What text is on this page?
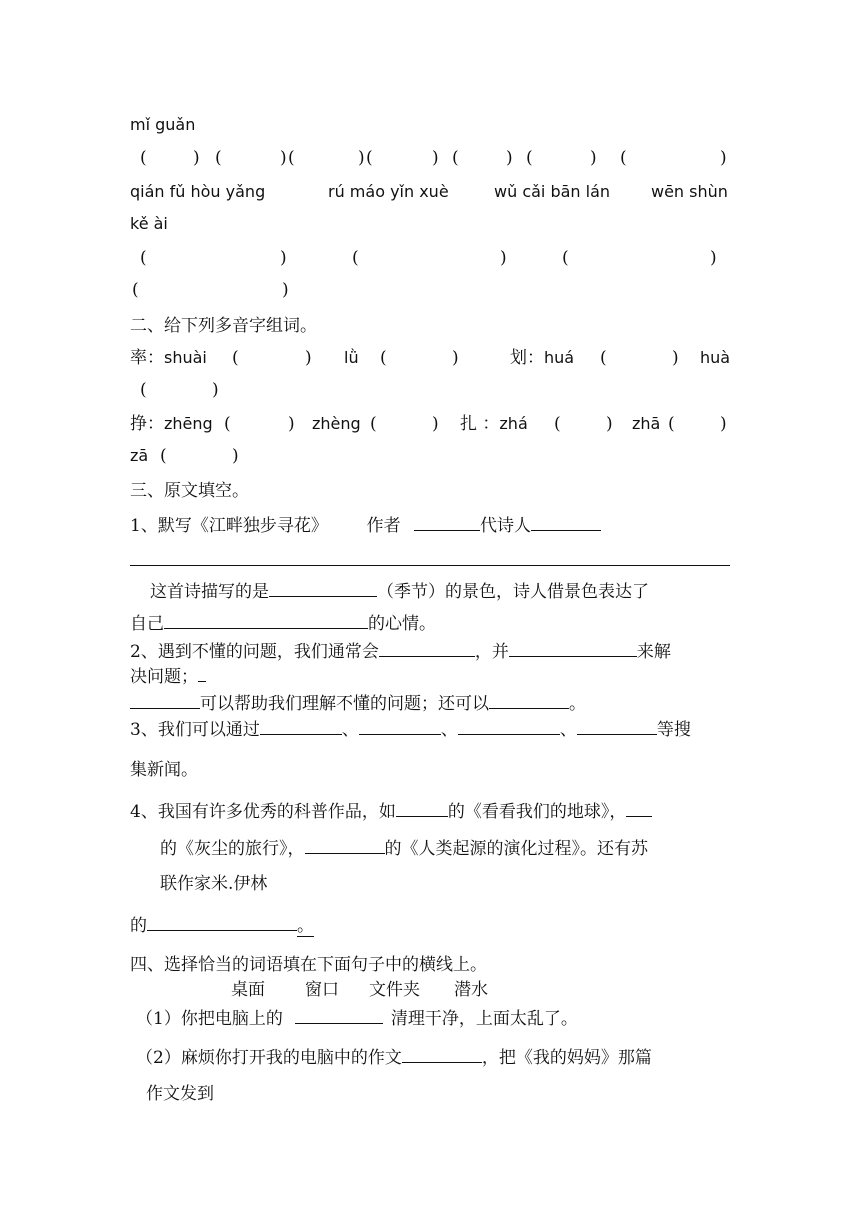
mǐ guǎn
(	) (	) (	) (	) (	) (	) (	)
qián fǔ hòu yǎng	rú máo yǐn xuè	wǔ cǎi bān lán	wēn shùn
kě ài
(	)	(	)	(	)
(	)
二、给下列多音字组词。
率：shuài (	) lǜ (	)	划：huá (	) huà
(	)
挣：zhēng (	) zhèng (	) 扎 ：zhá (	) zhā (	)
zā (	)
三、原文填空。
1、默写《江畔独步寻花》 作者	代诗人
这首诗描写的是	（季节）的景色，诗人借景色表达了
自己	的心情。
2、遇到不懂的问题，我们通常会	，并	来解
决问题；
可以帮助我们理解不懂的问题；还可以	。
3、我们可以通过	、	、	、	等搜
集新闻。
4、我国有许多优秀的科普作品，如	的《看看我们的地球》，
的《灰尘的旅行》，	的《人类起源的演化过程》。还有苏
联作家米.伊林
的	。
四、选择恰当的词语填在下面句子中的横线上。
桌面 窗口 文件夹 潜水
（1）你把电脑上的	清理干净，上面太乱了。
（2）麻烦你打开我的电脑中的作文	，把《我的妈妈》那篇
作文发到
